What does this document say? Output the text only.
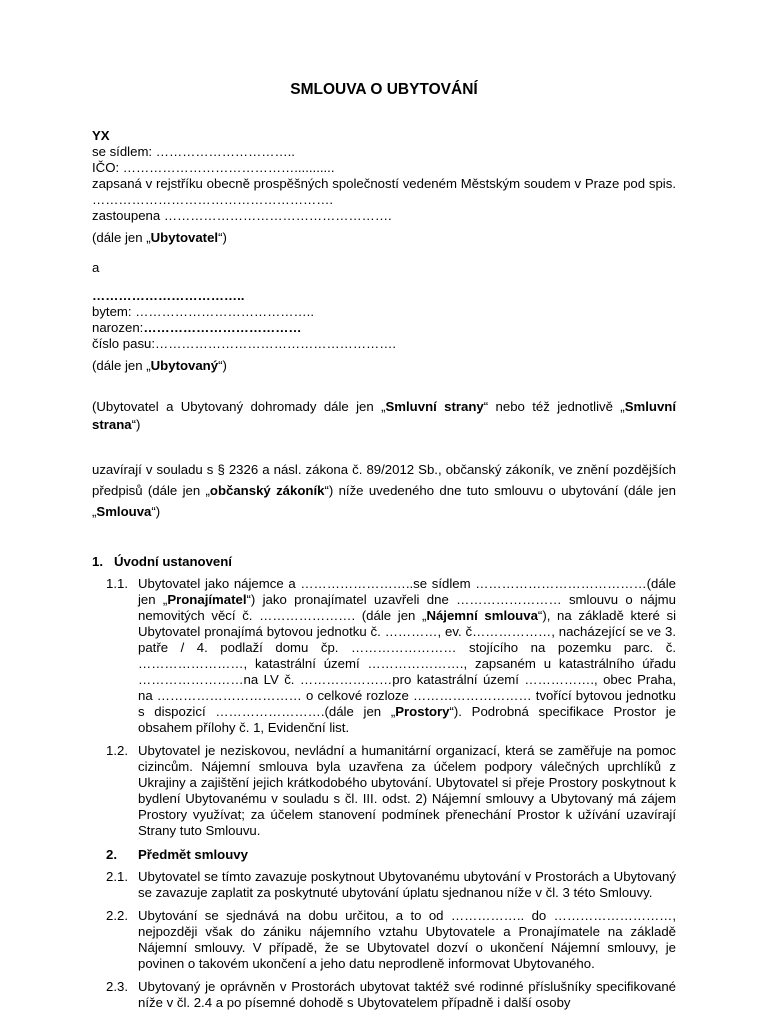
SMLOUVA O UBYTOVÁNÍ
YX
se sídlem: …………………………..
IČO: …………………………………...........
zapsaná v rejstříku obecně prospěšných společností vedeném Městským soudem v Praze pod spis. ……………………………………………….
zastoupena …………………………………………….
(dále jen „Ubytovatel“)
a
……………………………..
bytem: …………………………………..
narozen:………………………………
číslo pasu:……………………………………………….
(dále jen „Ubytovaný“)
(Ubytovatel a Ubytovaný dohromady dále jen „Smluvní strany“ nebo též jednotlivě „Smluvní strana“)
uzavírají v souladu s § 2326 a násl. zákona č. 89/2012 Sb., občanský zákoník, ve znění pozdějších předpisů (dále jen „občanský zákoník“) níže uvedeného dne tuto smlouvu o ubytování (dále jen „Smlouva“)
1. Úvodní ustanovení
1.1. Ubytovatel jako nájemce a ……………………..se sídlem …………………………………(dále jen „Pronajímatel“) jako pronajímatel uzavřeli dne …………………… smlouvu o nájmu nemovitých věcí č. …………………. (dále jen „Nájemní smlouva“), na základě které si Ubytovatel pronajímá bytovou jednotku č. …………, ev. č………………, nacházející se ve 3. patře / 4. podlaží domu čp. …………………… stojícího na pozemku parc. č. ……………………, katastrální území …………………., zapsaném u katastrálního úřadu ……………………na LV č. …………………pro katastrální území ……………., obec Praha, na …………………………… o celkové rozloze ……………………… tvořící bytovou jednotku s dispozicí …………………….(dále jen „Prostory“). Podrobná specifikace Prostor je obsahem přílohy č. 1, Evidenční list.
1.2. Ubytovatel je neziskovou, nevládní a humanitární organizací, která se zaměřuje na pomoc cizincům. Nájemní smlouva byla uzavřena za účelem podpory válečných uprchlíků z Ukrajiny a zajištění jejich krátkodobého ubytování. Ubytovatel si přeje Prostory poskytnout k bydlení Ubytovanému v souladu s čl. III. odst. 2) Nájemní smlouvy a Ubytovaný má zájem Prostory využívat; za účelem stanovení podmínek přenechání Prostor k užívání uzavírají Strany tuto Smlouvu.
2.	Předmět smlouvy
2.1. Ubytovatel se tímto zavazuje poskytnout Ubytovanému ubytování v Prostorách a Ubytovaný se zavazuje zaplatit za poskytnuté ubytování úplatu sjednanou níže v čl. 3 této Smlouvy.
2.2. Ubytování se sjednává na dobu určitou, a to od …………….. do ………………………, nejpozději však do zániku nájemního vztahu Ubytovatele a Pronajímatele na základě Nájemní smlouvy. V případě, že se Ubytovatel dozví o ukončení Nájemní smlouvy, je povinen o takovém ukončení a jeho datu neprodleně informovat Ubytovaného.
2.3. Ubytovaný je oprávněn v Prostorách ubytovat taktéž své rodinné příslušníky specifikované níže v čl. 2.4 a po písemné dohodě s Ubytovatelem případně i další osoby
